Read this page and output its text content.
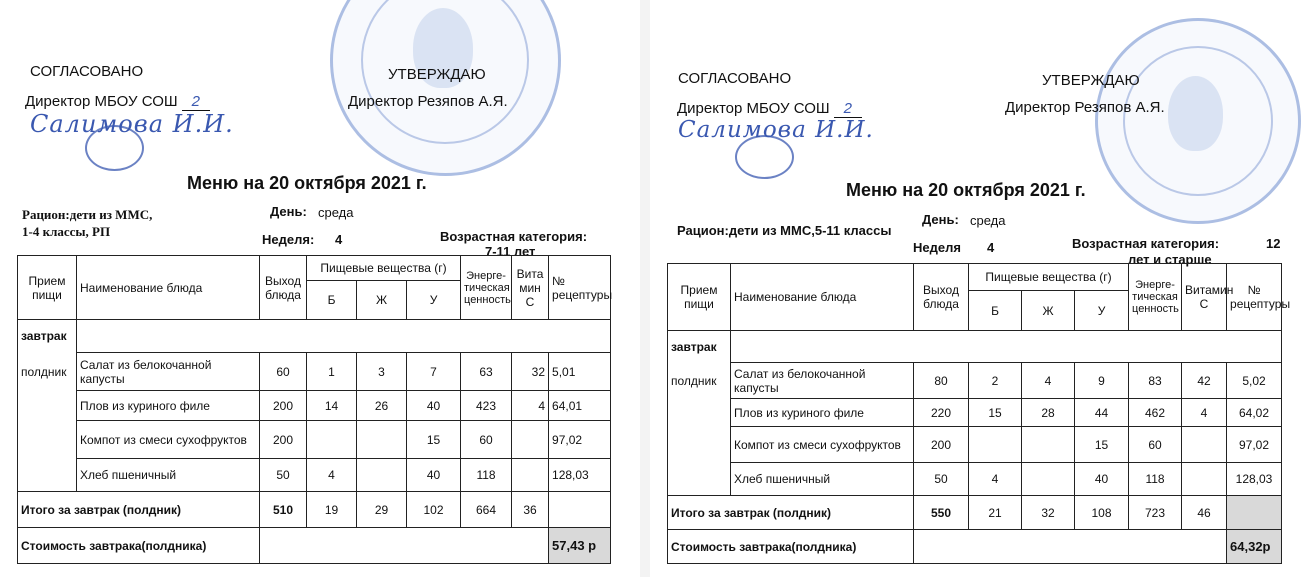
СОГЛАСОВАНО
Директор МБОУ СОШ 2
Салимова И.И.
УТВЕРЖДАЮ
Директор Резяпов А.Я.
Меню на 20 октября 2021 г.
Рацион:дети из ММС,
1-4 классы, РП
День: среда
Неделя: 4	Возрастная категория:
7-11 лет
Прием пищи	Наименование блюда	Выход блюда	Пищевые вещества (г)			Энерге-тическая ценность	Вита мин С	№ рецептуры
			Б	Ж	У			
завтрак								
полдник	Салат из белокочанной капусты	60	1	3	7	63	32	5,01
	Плов из куриного филе	200	14	26	40	423	4	64,01
	Компот из смеси сухофруктов	200			15	60		97,02
	Хлеб пшеничный	50	4		40	118		128,03
Итого за завтрак (полдник)		510	19	29	102	664	36	
Стоимость завтрака(полдника)								57,43 р
СОГЛАСОВАНО
Директор МБОУ СОШ 2
Салимова И.И.
УТВЕРЖДАЮ
Директор Резяпов А.Я.
Меню на 20 октября 2021 г.
Рацион:дети из ММС,5-11 классы
День: среда
Неделя 4	Возрастная категория:	12
лет и старше
Прием пищи	Наименование блюда	Выход блюда	Пищевые вещества (г)			Энерге-тическая ценность	Витамин С	№ рецептуры
			Б	Ж	У			
завтрак								
полдник	Салат из белокочанной капусты	80	2	4	9	83	42	5,02
	Плов из куриного филе	220	15	28	44	462	4	64,02
	Компот из смеси сухофруктов	200			15	60		97,02
	Хлеб пшеничный	50	4		40	118		128,03
Итого за завтрак (полдник)		550	21	32	108	723	46	
Стоимость завтрака(полдника)								64,32р
